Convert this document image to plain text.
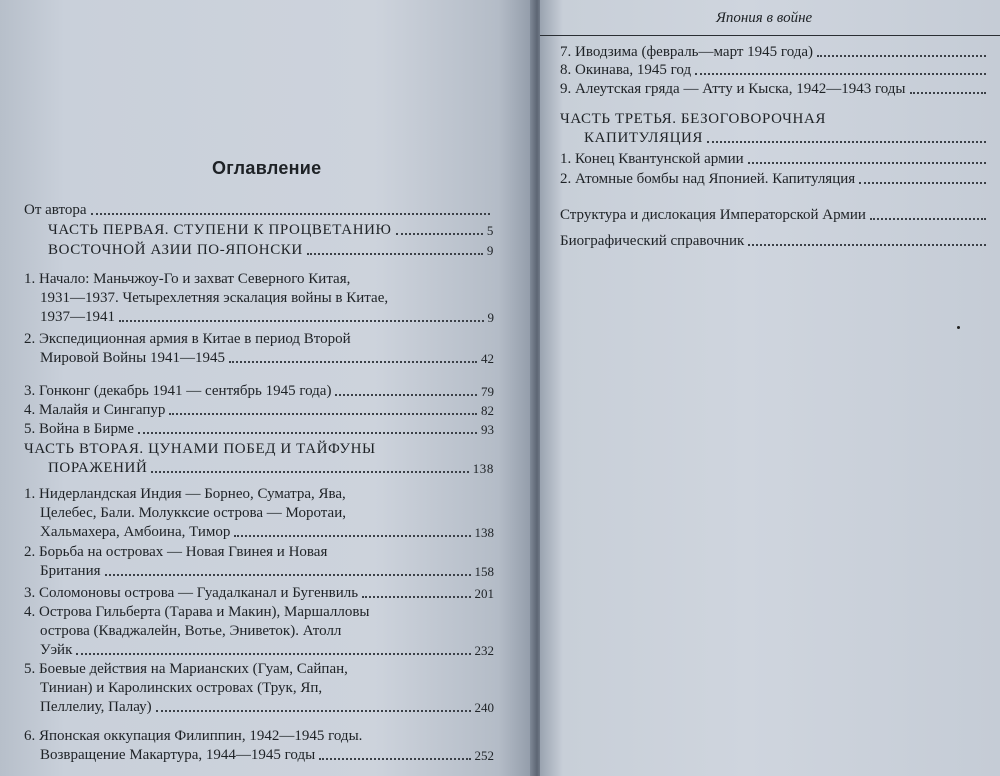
Оглавление
От автора
ЧАСТЬ ПЕРВАЯ. СТУПЕНИ К ПРОЦВЕТАНИЮ	5
ВОСТОЧНОЙ АЗИИ ПО-ЯПОНСКИ	9
1. Начало: Маньчжоу-Го и захват Северного Китая,
1931—1937. Четырехлетняя эскалация войны в Китае,
1937—1941	9
2. Экспедиционная армия в Китае в период Второй
Мировой Войны 1941—1945	42
3. Гонконг (декабрь 1941 — сентябрь 1945 года)	79
4. Малайя и Сингапур	82
5. Война в Бирме	93
ЧАСТЬ ВТОРАЯ. ЦУНАМИ ПОБЕД И ТАЙФУНЫ
ПОРАЖЕНИЙ	138
1. Нидерландская Индия — Борнео, Суматра, Ява,
Целебес, Бали. Молукксие острова — Моротаи,
Хальмахера, Амбоина, Тимор	138
2. Борьба на островах — Новая Гвинея и Новая
Британия	158
3. Соломоновы острова — Гуадалканал и Бугенвиль	201
4. Острова Гильберта (Тарава и Макин), Маршалловы
острова (Кваджалейн, Вотье, Эниветок). Атолл
Уэйк	232
5. Боевые действия на Марианских (Гуам, Сайпан,
Тиниан) и Каролинских островах (Трук, Яп,
Пеллелиу, Палау)	240
6. Японская оккупация Филиппин, 1942—1945 годы.
Возвращение Макартура, 1944—1945 годы	252
Япония в войне
7. Иводзима (февраль—март 1945 года)
8. Окинава, 1945 год
9. Алеутская гряда — Атту и Кыска, 1942—1943 годы
ЧАСТЬ ТРЕТЬЯ. БЕЗОГОВОРОЧНАЯ
КАПИТУЛЯЦИЯ
1. Конец Квантунской армии
2. Атомные бомбы над Японией. Капитуляция
Структура и дислокация Императорской Армии
Биографический справочник
